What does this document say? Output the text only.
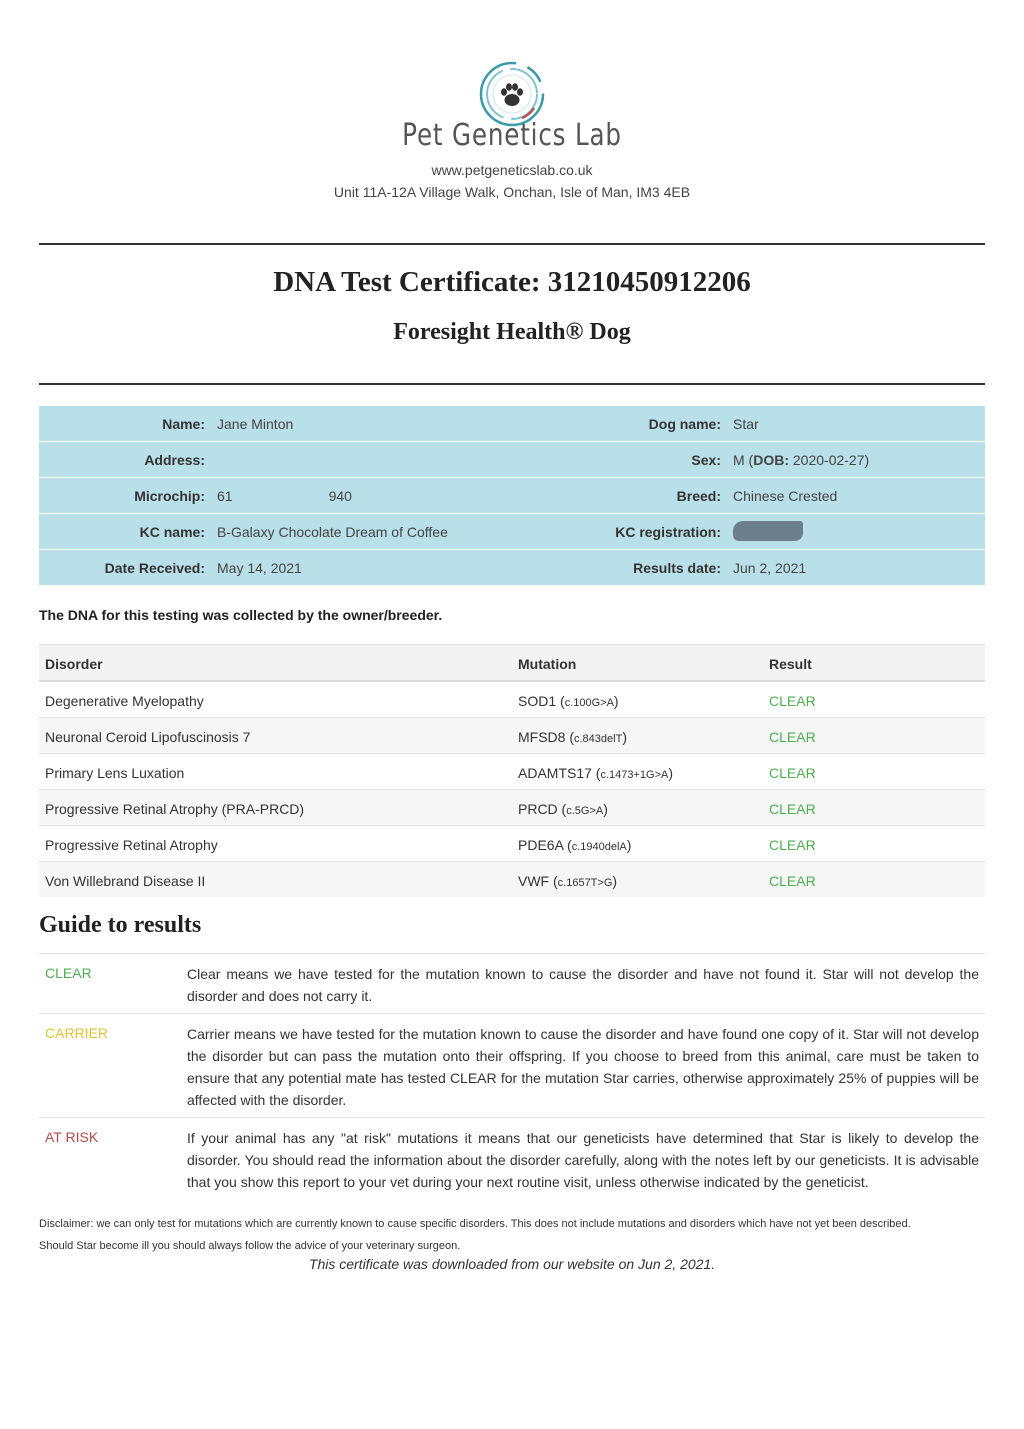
Pet Genetics Lab
www.petgeneticslab.co.uk
Unit 11A-12A Village Walk, Onchan, Isle of Man, IM3 4EB
DNA Test Certificate: 31210450912206
Foresight Health® Dog
Name: Jane Minton	Dog name: Star
Address:	Sex: M (DOB: 2020-02-27)
Microchip: 61	940	Breed: Chinese Crested
KC name: B-Galaxy Chocolate Dream of Coffee	KC registration:
Date Received: May 14, 2021	Results date: Jun 2, 2021
The DNA for this testing was collected by the owner/breeder.
Disorder	Mutation	Result
Degenerative Myelopathy	SOD1 (c.100G>A)	CLEAR
Neuronal Ceroid Lipofuscinosis 7	MFSD8 (c.843delT)	CLEAR
Primary Lens Luxation	ADAMTS17 (c.1473+1G>A)	CLEAR
Progressive Retinal Atrophy (PRA-PRCD)	PRCD (c.5G>A)	CLEAR
Progressive Retinal Atrophy	PDE6A (c.1940delA)	CLEAR
Von Willebrand Disease II	VWF (c.1657T>G)	CLEAR
Guide to results
CLEAR	Clear means we have tested for the mutation known to cause the disorder and have not found it. Star will not develop the disorder and does not carry it.
CARRIER	Carrier means we have tested for the mutation known to cause the disorder and have found one copy of it. Star will not develop the disorder but can pass the mutation onto their offspring. If you choose to breed from this animal, care must be taken to ensure that any potential mate has tested CLEAR for the mutation Star carries, otherwise approximately 25% of puppies will be affected with the disorder.
AT RISK	If your animal has any "at risk" mutations it means that our geneticists have determined that Star is likely to develop the disorder. You should read the information about the disorder carefully, along with the notes left by our geneticists. It is advisable that you show this report to your vet during your next routine visit, unless otherwise indicated by the geneticist.
Disclaimer: we can only test for mutations which are currently known to cause specific disorders. This does not include mutations and disorders which have not yet been described.
Should Star become ill you should always follow the advice of your veterinary surgeon.
This certificate was downloaded from our website on Jun 2, 2021.
